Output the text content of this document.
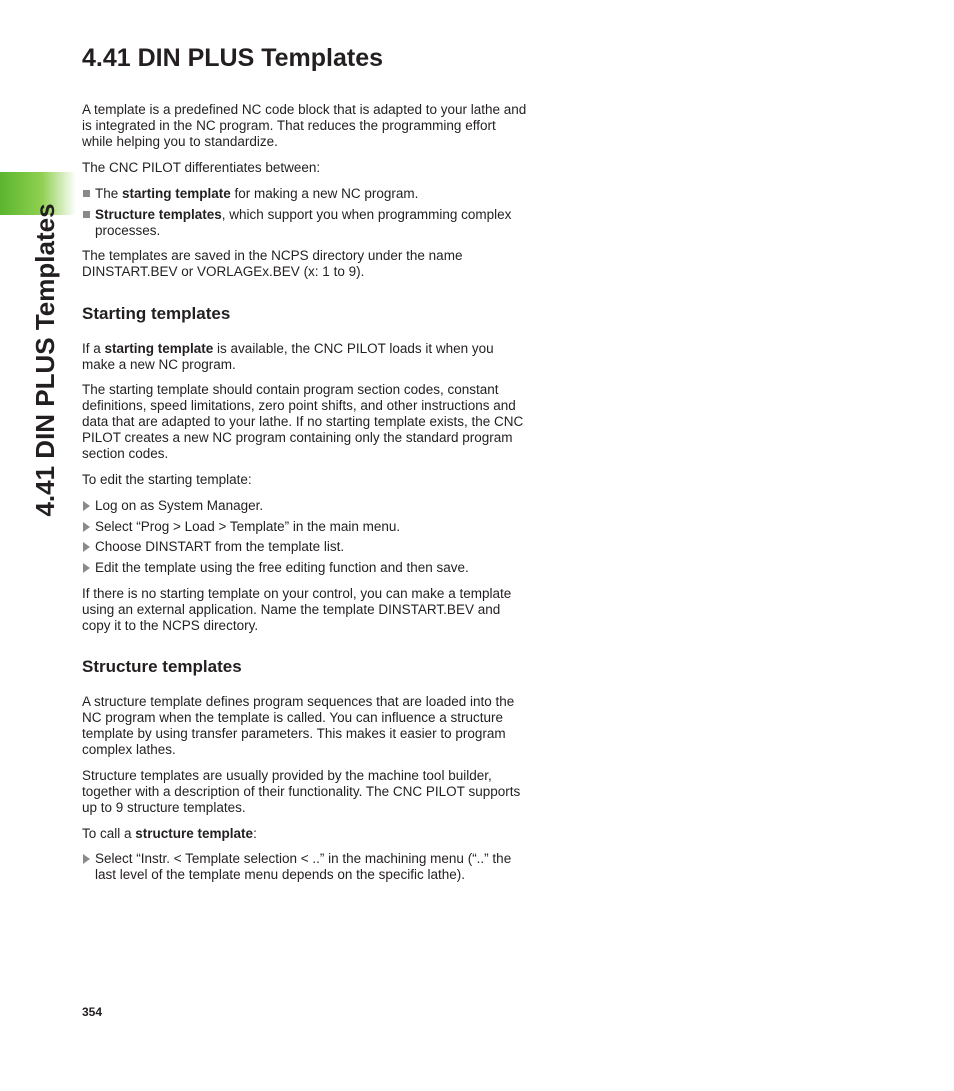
4.41 DIN PLUS Templates
4.41 DIN PLUS Templates

A template is a predefined NC code block that is adapted to your lathe and is integrated in the NC program. That reduces the programming effort while helping you to standardize.

The CNC PILOT differentiates between:

The starting template for making a new NC program.
Structure templates, which support you when programming complex processes.

The templates are saved in the NCPS directory under the name DINSTART.BEV or VORLAGEx.BEV (x: 1 to 9).

Starting templates

If a starting template is available, the CNC PILOT loads it when you make a new NC program.

The starting template should contain program section codes, constant definitions, speed limitations, zero point shifts, and other instructions and data that are adapted to your lathe. If no starting template exists, the CNC PILOT creates a new NC program containing only the standard program section codes.

To edit the starting template:

Log on as System Manager.
Select “Prog > Load > Template” in the main menu.
Choose DINSTART from the template list.
Edit the template using the free editing function and then save.

If there is no starting template on your control, you can make a template using an external application. Name the template DINSTART.BEV and copy it to the NCPS directory.

Structure templates

A structure template defines program sequences that are loaded into the NC program when the template is called. You can influence a structure template by using transfer parameters. This makes it easier to program complex lathes.

Structure templates are usually provided by the machine tool builder, together with a description of their functionality. The CNC PILOT supports up to 9 structure templates.

To call a structure template:

Select “Instr. < Template selection < ..” in the machining menu (“..” the last level of the template menu depends on the specific lathe).
354
